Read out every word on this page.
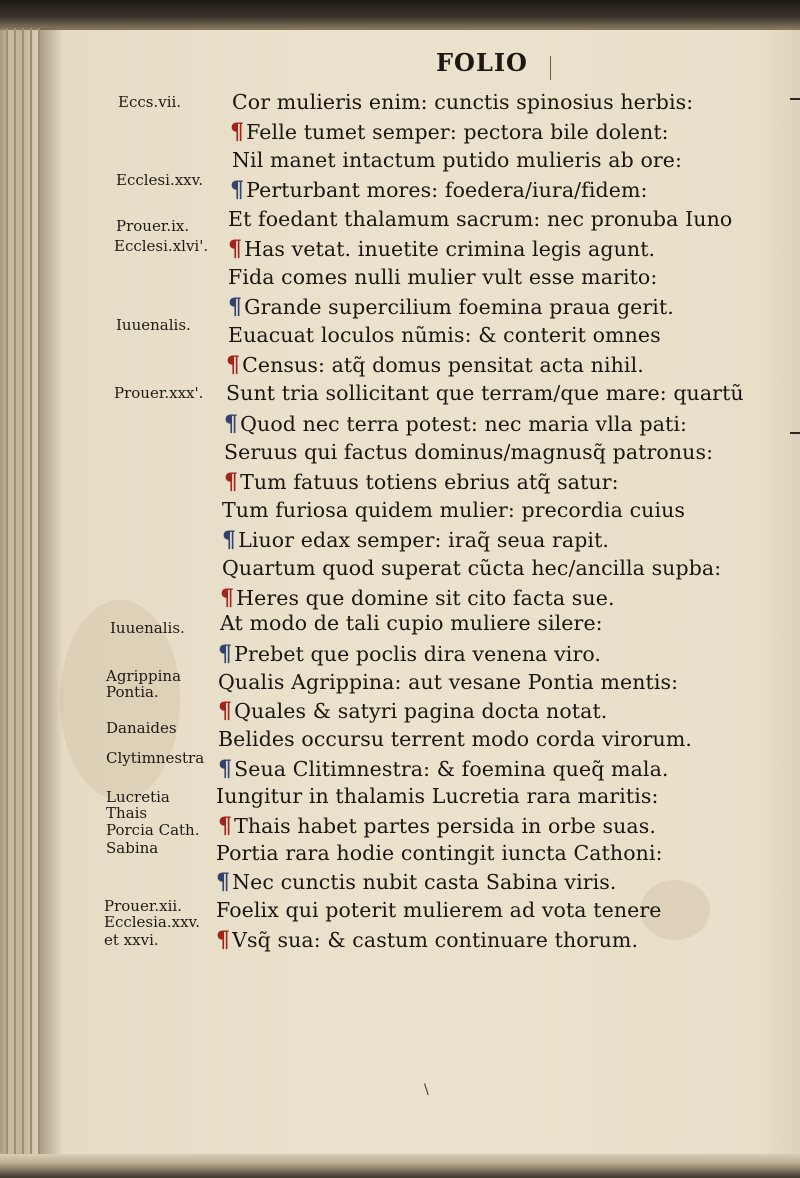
FOLIO
Eccs.vii.
Ecclesi.xxv.
Prouer.ix.
Ecclesi.xlvi'.
Iuuenalis.
Prouer.xxx'.
Iuuenalis.
Agrippina
Pontia.
Danaides
Clytimnestra
Lucretia
Thais
Porcia Cath.
Sabina
Prouer.xii.
Ecclesia.xxv.
et xxvi.
Cor mulieris enim: cunctis spinosius herbis:
¶Felle tumet semper: pectora bile dolent:
Nil manet intactum putido mulieris ab ore:
¶Perturbant mores: foedera/iura/fidem:
Et foedant thalamum sacrum: nec pronuba Iuno
¶Has vetat. inuetite crimina legis agunt.
Fida comes nulli mulier vult esse marito:
¶Grande supercilium foemina praua gerit.
Euacuat loculos nũmis: & conterit omnes
¶Census: atq̃ domus pensitat acta nihil.
Sunt tria sollicitant que terram/que mare: quartũ
¶Quod nec terra potest: nec maria vlla pati:
Seruus qui factus dominus/magnusq̃ patronus:
¶Tum fatuus totiens ebrius atq̃ satur:
Tum furiosa quidem mulier: precordia cuius
¶Liuor edax semper: iraq̃ seua rapit.
Quartum quod superat cũcta hec/ancilla supba:
¶Heres que domine sit cito facta sue.
At modo de tali cupio muliere silere:
¶Prebet que poclis dira venena viro.
Qualis Agrippina: aut vesane Pontia mentis:
¶Quales & satyri pagina docta notat.
Belides occursu terrent modo corda virorum.
¶Seua Clitimnestra: & foemina queq̃ mala.
Iungitur in thalamis Lucretia rara maritis:
¶Thais habet partes persida in orbe suas.
Portia rara hodie contingit iuncta Cathoni:
¶Nec cunctis nubit casta Sabina viris.
Foelix qui poterit mulierem ad vota tenere
¶Vsq̃ sua: & castum continuare thorum.
\
